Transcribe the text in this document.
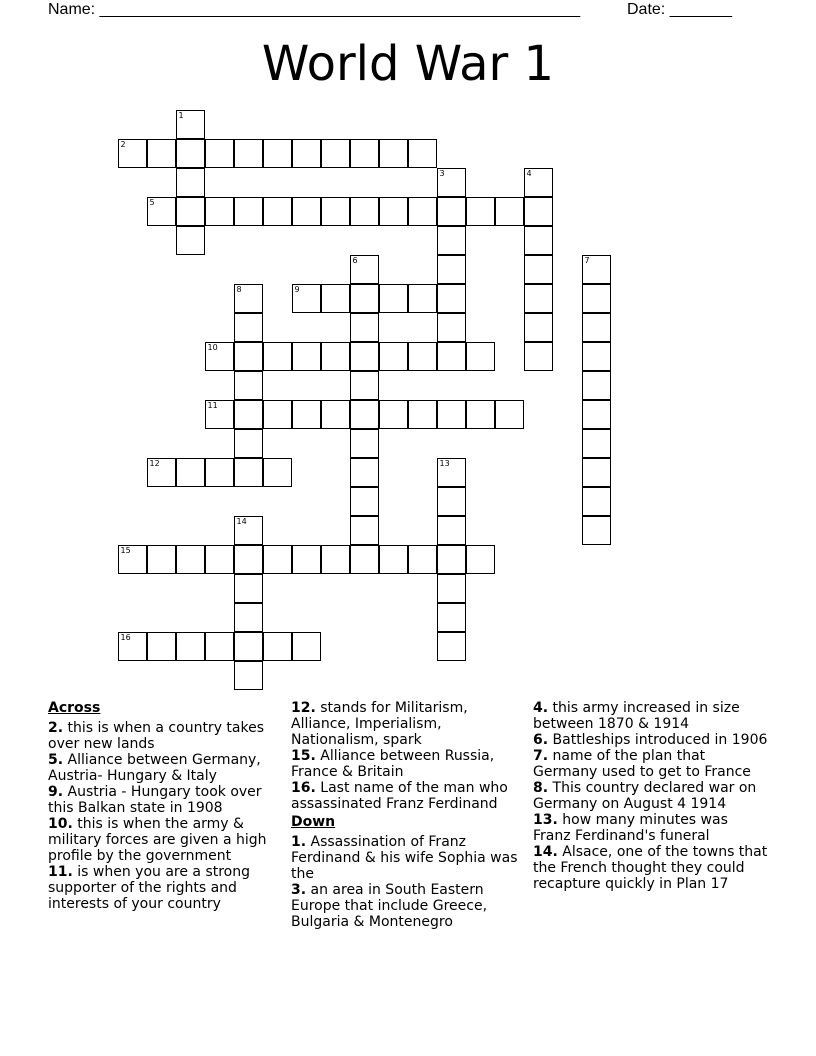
Name: ______________________________________________________	Date: _______
World War 1
1
2
3	4
5
6	7
8	9
10
11
12	13
14
15
16
Across
2. this is when a country takes over new lands
5. Alliance between Germany, Austria- Hungary & Italy
9. Austria - Hungary took over this Balkan state in 1908
10. this is when the army & military forces are given a high profile by the government
11. is when you are a strong supporter of the rights and interests of your country
12. stands for Militarism, Alliance, Imperialism, Nationalism, spark
15. Alliance between Russia, France & Britain
16. Last name of the man who assassinated Franz Ferdinand
Down
1. Assassination of Franz Ferdinand & his wife Sophia was the
3. an area in South Eastern Europe that include Greece, Bulgaria & Montenegro
4. this army increased in size between 1870 & 1914
6. Battleships introduced in 1906
7. name of the plan that Germany used to get to France
8. This country declared war on Germany on August 4 1914
13. how many minutes was Franz Ferdinand's funeral
14. Alsace, one of the towns that the French thought they could recapture quickly in Plan 17
